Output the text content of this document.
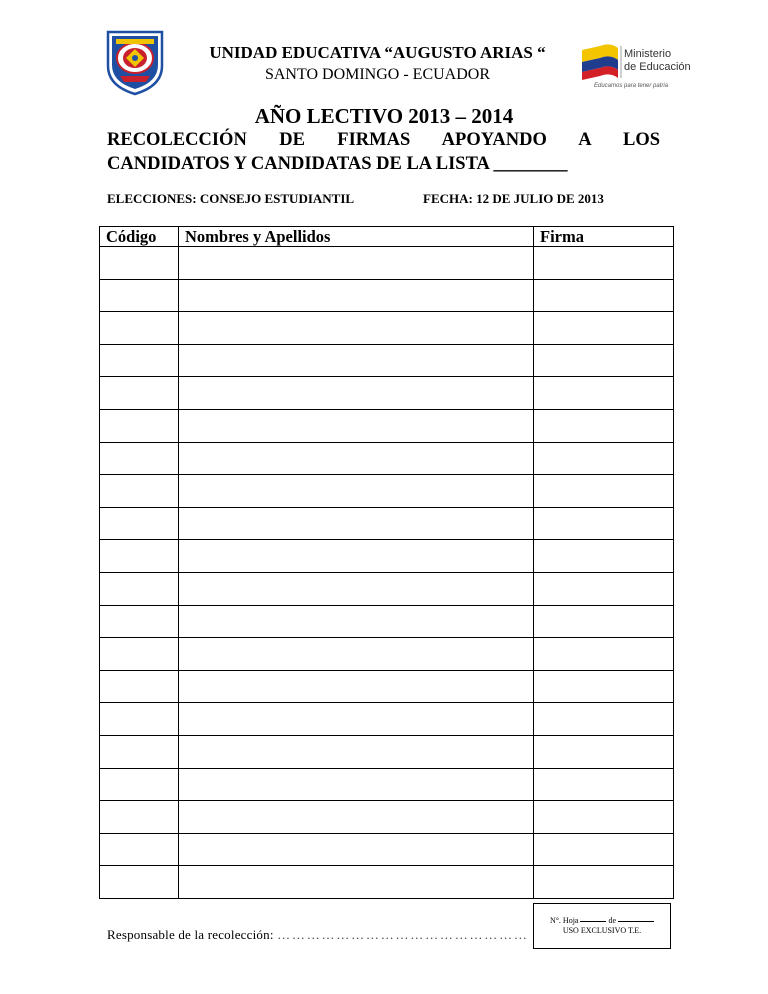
UNIDAD EDUCATIVA “AUGUSTO ARIAS “
SANTO DOMINGO - ECUADOR
Ministerio
de Educación
Educamos para tener patria
AÑO LECTIVO 2013 – 2014
RECOLECCIÓN DE FIRMAS APOYANDO A LOS
CANDIDATOS Y CANDIDATAS DE LA LISTA ________
ELECCIONES: CONSEJO ESTUDIANTIL	FECHA: 12 DE JULIO DE 2013
Código	Nombres y Apellidos	Firma

Responsable de la recolección: ……………………………………………
N°. Hoja	de
USO EXCLUSIVO T.E.
